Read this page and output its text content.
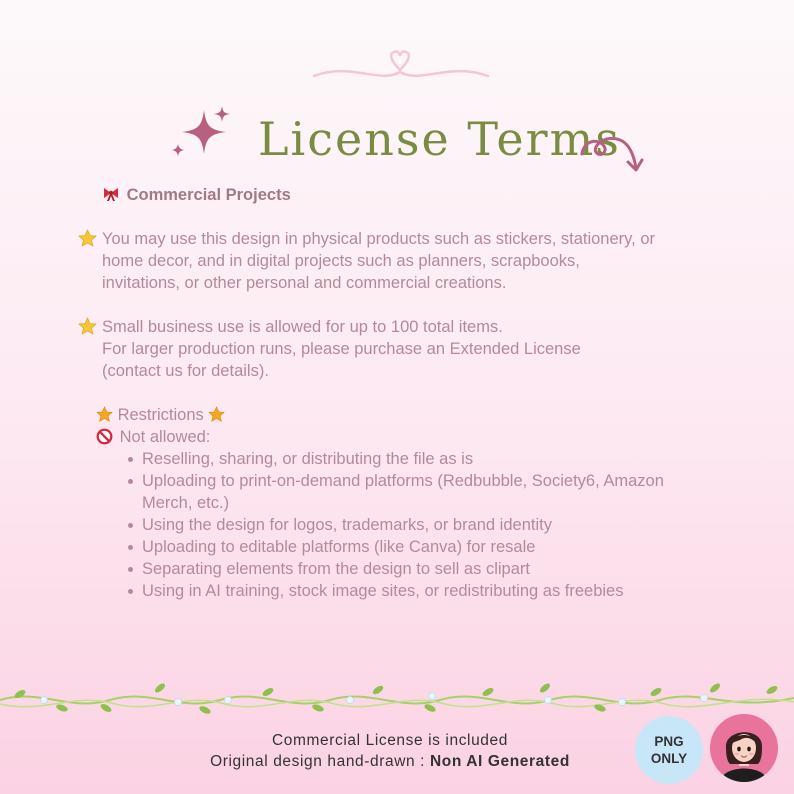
License Terms
Commercial Projects
You may use this design in physical products such as stickers, stationery, or
home decor, and in digital projects such as planners, scrapbooks,
invitations, or other personal and commercial creations.
Small business use is allowed for up to 100 total items.
For larger production runs, please purchase an Extended License
(contact us for details).
Restrictions
Not allowed:
Reselling, sharing, or distributing the file as is
Uploading to print-on-demand platforms (Redbubble, Society6, Amazon
Merch, etc.)
Using the design for logos, trademarks, or brand identity
Uploading to editable platforms (like Canva) for resale
Separating elements from the design to sell as clipart
Using in AI training, stock image sites, or redistributing as freebies
Commercial License is included
Original design hand-drawn : Non AI Generated
PNG
ONLY
